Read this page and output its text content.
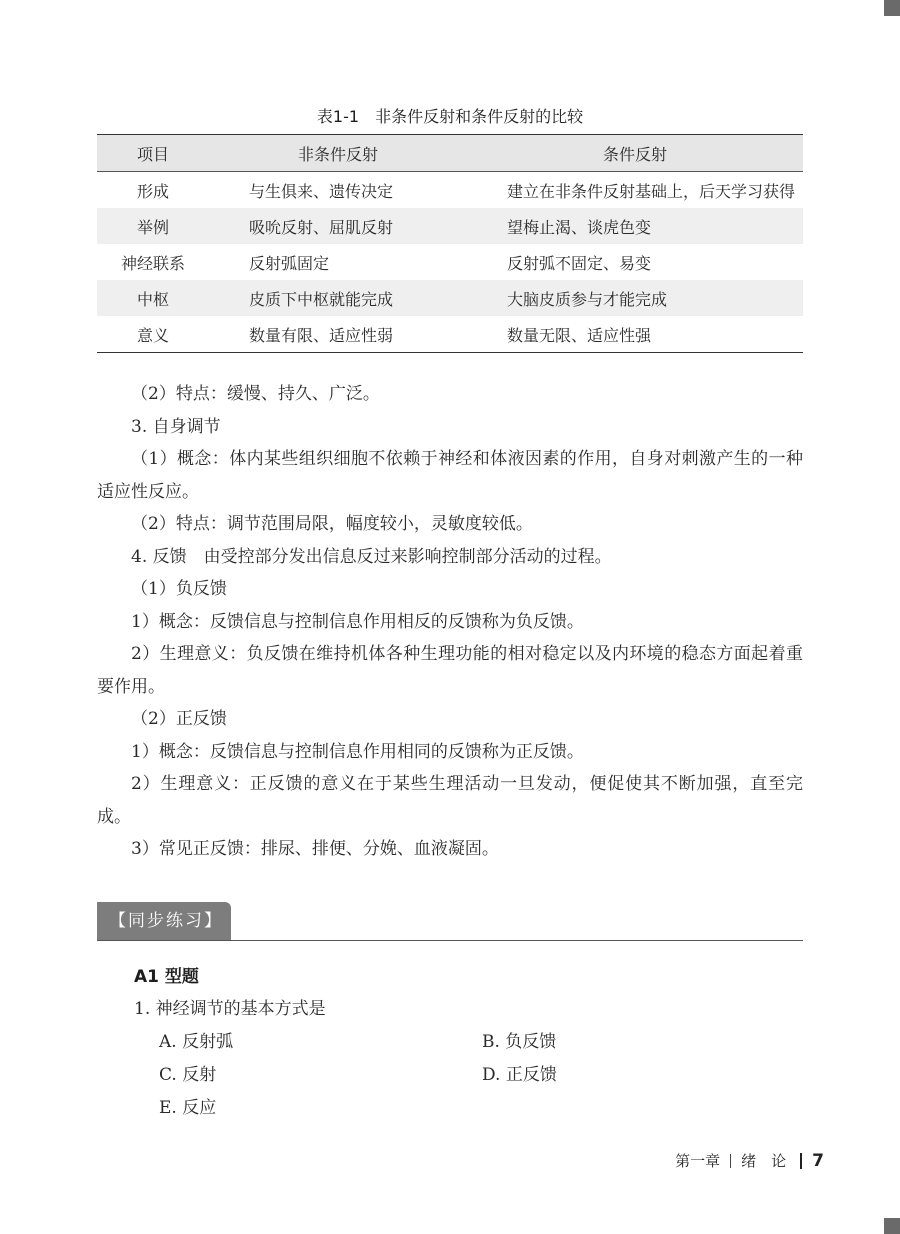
表1-1 非条件反射和条件反射的比较
项目	非条件反射	条件反射
形成	与生俱来、遗传决定	建立在非条件反射基础上，后天学习获得
举例	吸吮反射、屈肌反射	望梅止渴、谈虎色变
神经联系	反射弧固定	反射弧不固定、易变
中枢	皮质下中枢就能完成	大脑皮质参与才能完成
意义	数量有限、适应性弱	数量无限、适应性强

（2）特点：缓慢、持久、广泛。

3. 自身调节

（1）概念：体内某些组织细胞不依赖于神经和体液因素的作用，自身对刺激产生的一种适应性反应。

（2）特点：调节范围局限，幅度较小，灵敏度较低。

4. 反馈　由受控部分发出信息反过来影响控制部分活动的过程。

（1）负反馈

1）概念：反馈信息与控制信息作用相反的反馈称为负反馈。

2）生理意义：负反馈在维持机体各种生理功能的相对稳定以及内环境的稳态方面起着重要作用。

（2）正反馈

1）概念：反馈信息与控制信息作用相同的反馈称为正反馈。

2）生理意义：正反馈的意义在于某些生理活动一旦发动，便促使其不断加强，直至完成。

3）常见正反馈：排尿、排便、分娩、血液凝固。

【同步练习】
A1 型题
1. 神经调节的基本方式是
A. 反射弧	B. 负反馈
C. 反射	D. 正反馈
E. 反应
第一章 绪　论 7
